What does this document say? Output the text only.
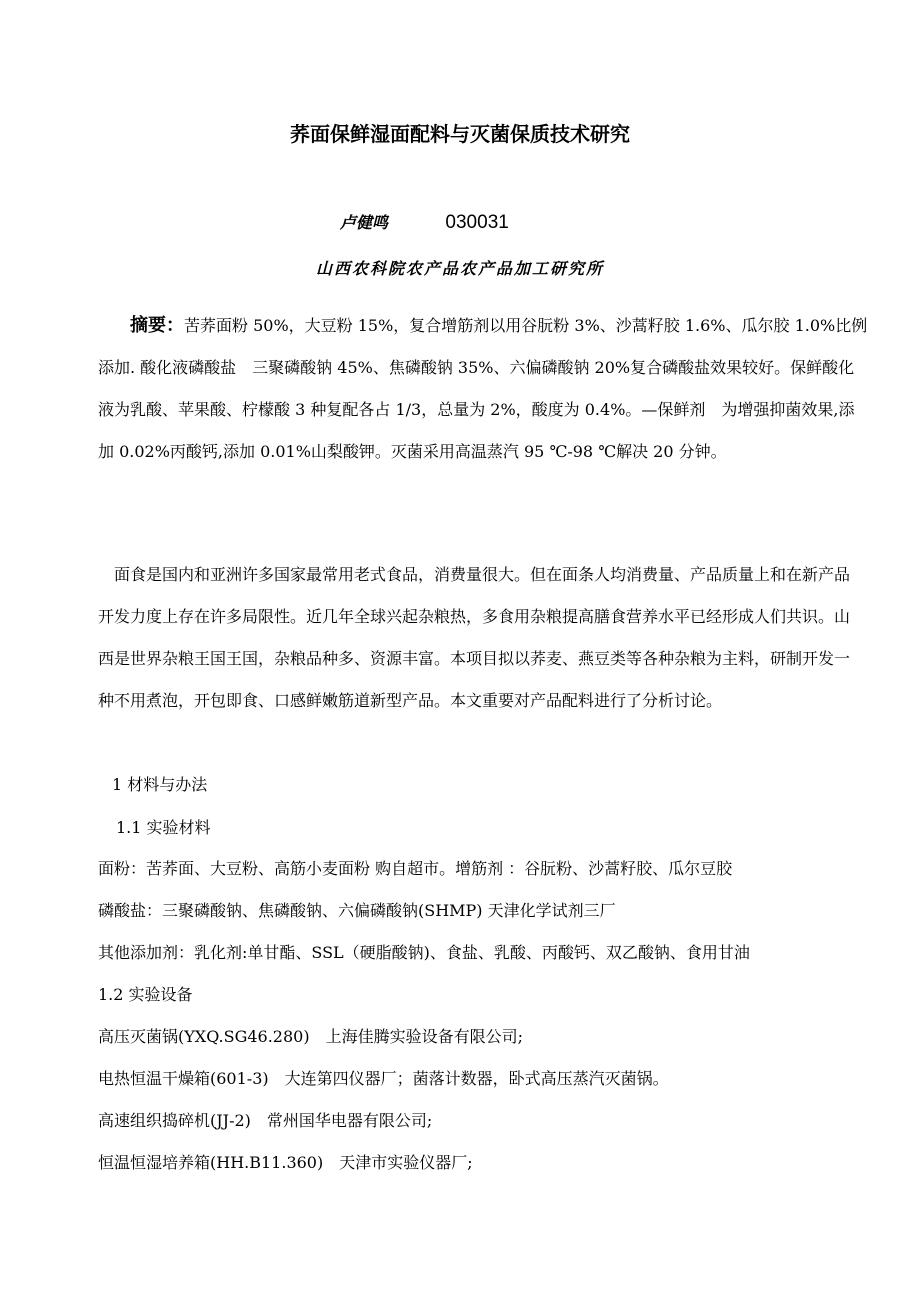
荞面保鲜湿面配料与灭菌保质技术研究
卢健鸣	030031
山西农科院农产品农产品加工研究所
摘要：苦荞面粉 50%，大豆粉 15%，复合增筋剂以用谷朊粉 3%、沙蒿籽胶 1.6%、瓜尔胶 1.0%比例添加. 酸化液磷酸盐　三聚磷酸钠 45%、焦磷酸钠 35%、六偏磷酸钠 20%复合磷酸盐效果较好。保鲜酸化液为乳酸、苹果酸、柠檬酸 3 种复配各占 1/3，总量为 2%，酸度为 0.4%。—保鲜剂　为增强抑菌效果,添加 0.02%丙酸钙,添加 0.01%山梨酸钾。灭菌采用高温蒸汽 95 ℃-98 ℃解决 20 分钟。

面食是国内和亚洲许多国家最常用老式食品，消费量很大。但在面条人均消费量、产品质量上和在新产品开发力度上存在许多局限性。近几年全球兴起杂粮热，多食用杂粮提高膳食营养水平已经形成人们共识。山西是世界杂粮王国王国，杂粮品种多、资源丰富。本项目拟以荞麦、燕豆类等各种杂粮为主料，研制开发一种不用煮泡，开包即食、口感鲜嫩筋道新型产品。本文重要对产品配料进行了分析讨论。

1 材料与办法
1.1 实验材料
面粉：苦荞面、大豆粉、高筋小麦面粉 购自超市。增筋剂 ：谷朊粉、沙蒿籽胶、瓜尔豆胶
磷酸盐：三聚磷酸钠、焦磷酸钠、六偏磷酸钠(SHMP) 天津化学试剂三厂
其他添加剂：乳化剂:单甘酯、SSL（硬脂酸钠)、食盐、乳酸、丙酸钙、双乙酸钠、食用甘油
1.2 实验设备
高压灭菌锅(YXQ.SG46.280)　上海佳腾实验设备有限公司;
电热恒温干燥箱(601-3)　大连第四仪器厂；菌落计数器，卧式高压蒸汽灭菌锅。
高速组织捣碎机(JJ-2)　常州国华电器有限公司;
恒温恒湿培养箱(HH.B11.360)　天津市实验仪器厂;
